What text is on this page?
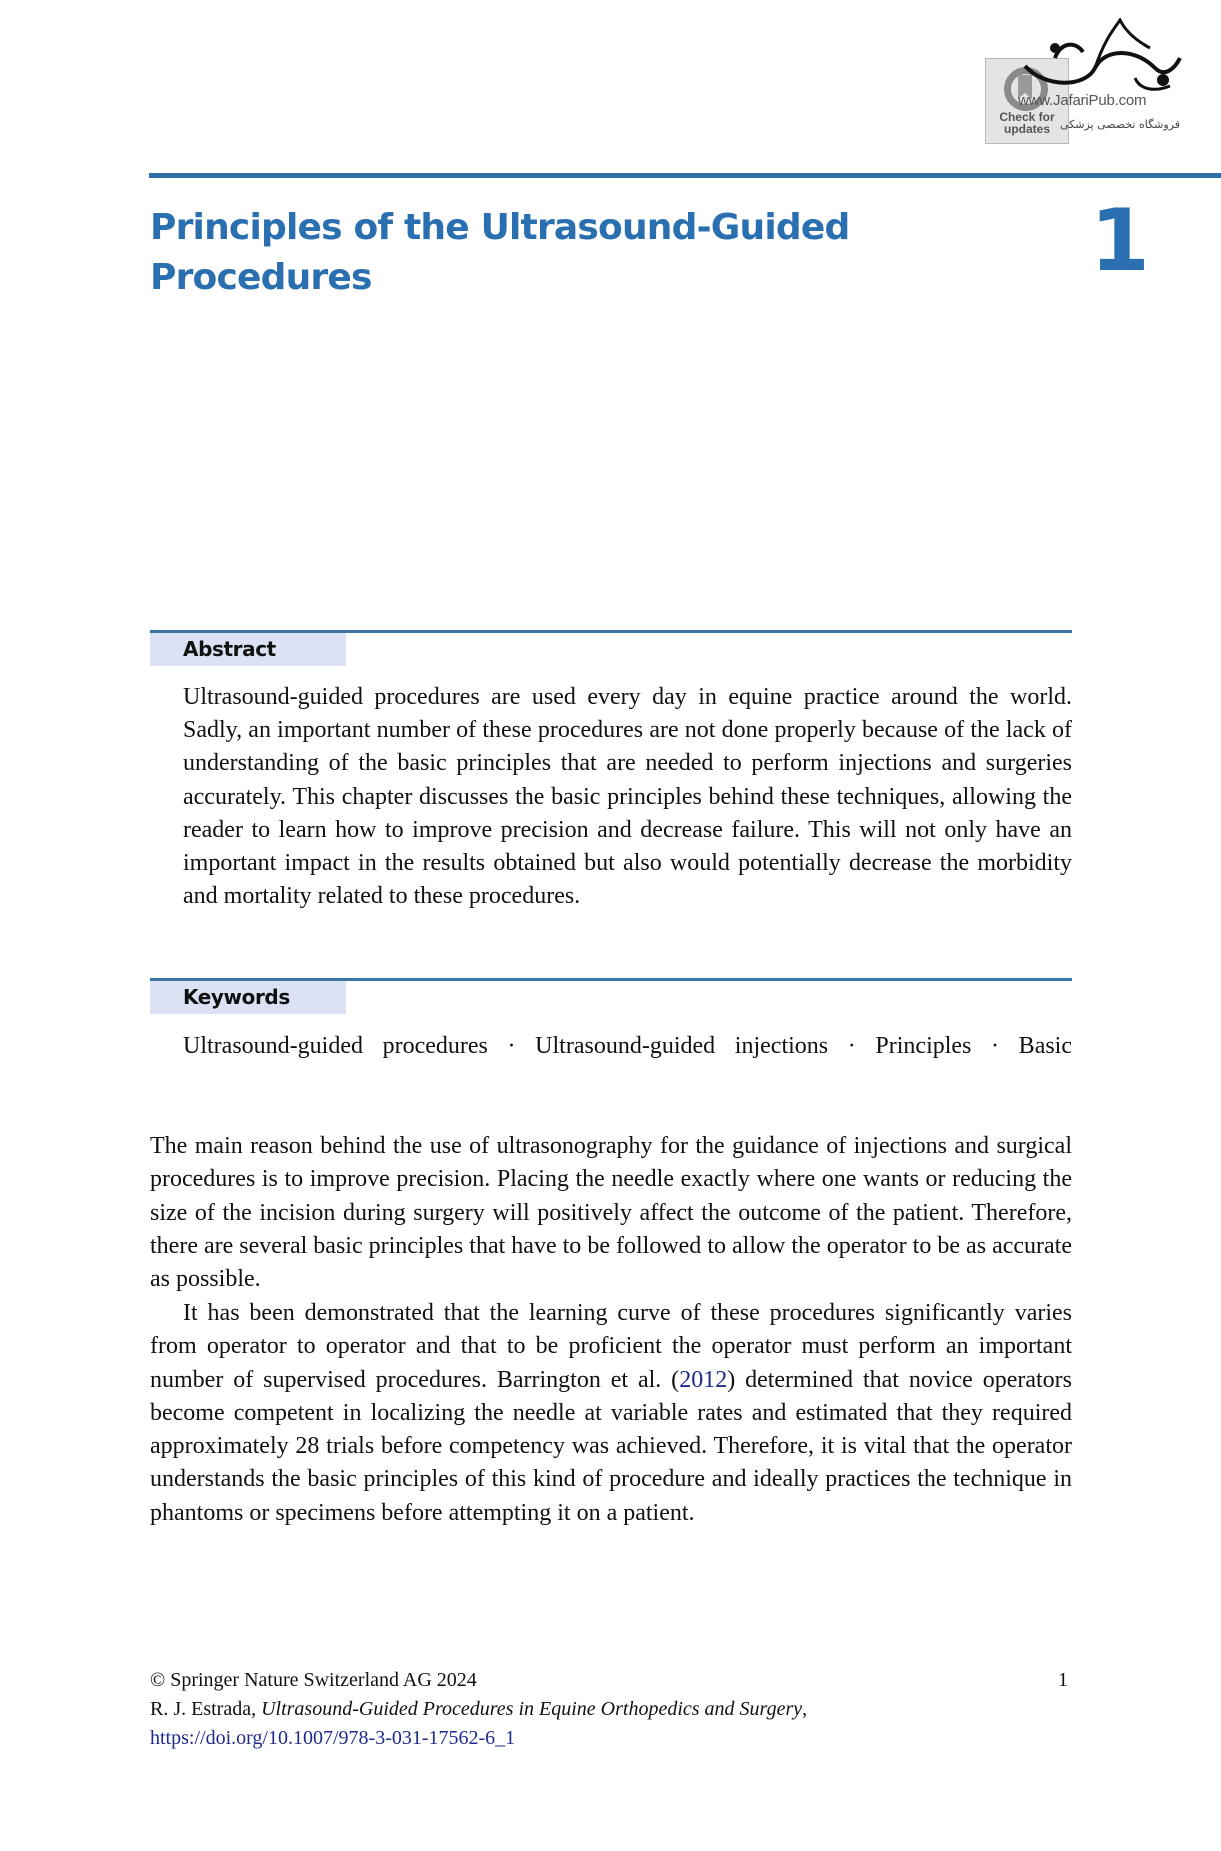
Check for updates
www.JafariPub.com
فروشگاه تخصصی پزشکی
Principles of the Ultrasound-Guided Procedures	1
Abstract

Ultrasound-guided procedures are used every day in equine practice around the world. Sadly, an important number of these procedures are not done properly because of the lack of understanding of the basic principles that are needed to perform injections and surgeries accurately. This chapter discusses the basic principles behind these techniques, allowing the reader to learn how to improve precision and decrease failure. This will not only have an important impact in the results obtained but also would potentially decrease the morbidity and mortality related to these procedures.

Keywords

Ultrasound-guided procedures · Ultrasound-guided injections · Principles · Basic

The main reason behind the use of ultrasonography for the guidance of injections and surgical procedures is to improve precision. Placing the needle exactly where one wants or reducing the size of the incision during surgery will positively affect the outcome of the patient. Therefore, there are several basic principles that have to be followed to allow the operator to be as accurate as possible.

It has been demonstrated that the learning curve of these procedures significantly varies from operator to operator and that to be proficient the operator must perform an important number of supervised procedures. Barrington et al. (2012) determined that novice operators become competent in localizing the needle at variable rates and estimated that they required approximately 28 trials before competency was achieved. Therefore, it is vital that the operator understands the basic principles of this kind of procedure and ideally practices the technique in phantoms or specimens before attempting it on a patient.

© Springer Nature Switzerland AG 2024
R. J. Estrada, Ultrasound-Guided Procedures in Equine Orthopedics and Surgery,
https://doi.org/10.1007/978-3-031-17562-6_1
1
